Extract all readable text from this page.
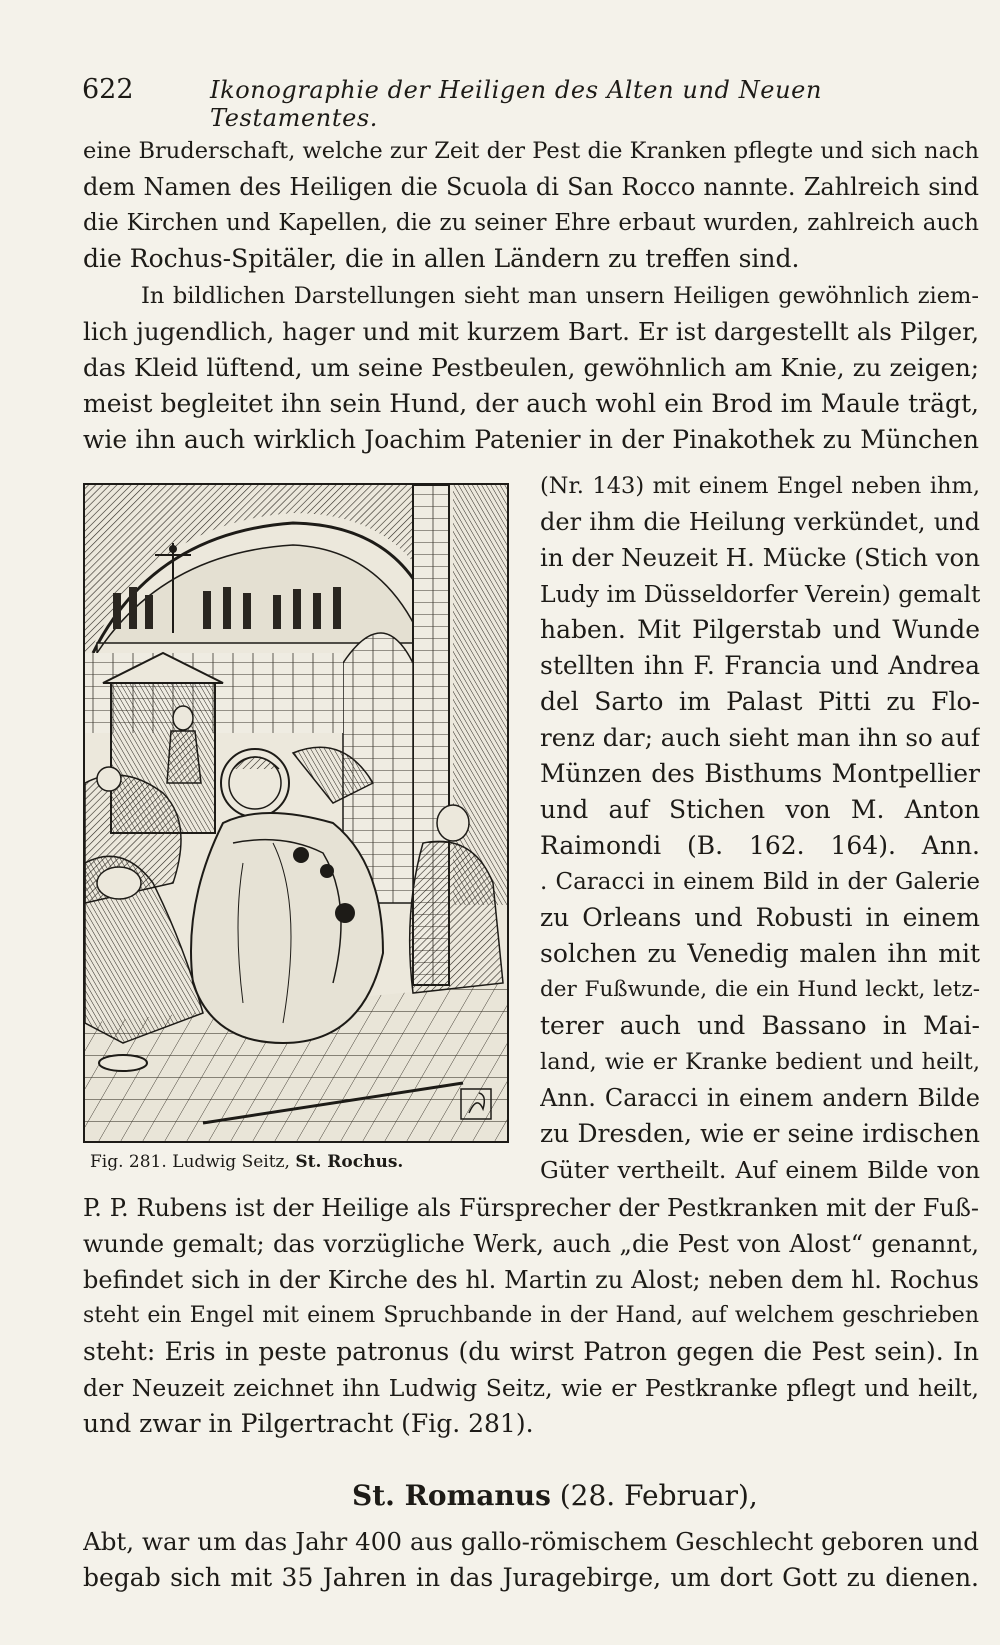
622	Ikonographie der Heiligen des Alten und Neuen Testamentes.
eine Bruderschaft, welche zur Zeit der Pest die Kranken pflegte und sich nach
dem Namen des Heiligen die Scuola di San Rocco nannte. Zahlreich sind
die Kirchen und Kapellen, die zu seiner Ehre erbaut wurden, zahlreich auch
die Rochus-Spitäler, die in allen Ländern zu treffen sind.
In bildlichen Darstellungen sieht man unsern Heiligen gewöhnlich ziem-
lich jugendlich, hager und mit kurzem Bart. Er ist dargestellt als Pilger,
das Kleid lüftend, um seine Pestbeulen, gewöhnlich am Knie, zu zeigen;
meist begleitet ihn sein Hund, der auch wohl ein Brod im Maule trägt,
wie ihn auch wirklich Joachim Patenier in der Pinakothek zu München
(Nr. 143) mit einem Engel neben ihm,
der ihm die Heilung verkündet, und
in der Neuzeit H. Mücke (Stich von
Ludy im Düsseldorfer Verein) gemalt
haben. Mit Pilgerstab und Wunde
stellten ihn F. Francia und Andrea
del Sarto im Palast Pitti zu Flo-
renz dar; auch sieht man ihn so auf
Münzen des Bisthums Montpellier
und auf Stichen von M. Anton
Raimondi (B. 162. 164). Ann.
. Caracci in einem Bild in der Galerie
zu Orleans und Robusti in einem
solchen zu Venedig malen ihn mit
der Fußwunde, die ein Hund leckt, letz-
terer auch und Bassano in Mai-
land, wie er Kranke bedient und heilt,
Ann. Caracci in einem andern Bilde
zu Dresden, wie er seine irdischen
Güter vertheilt. Auf einem Bilde von
P. P. Rubens ist der Heilige als Fürsprecher der Pestkranken mit der Fuß-
wunde gemalt; das vorzügliche Werk, auch „die Pest von Alost“ genannt,
befindet sich in der Kirche des hl. Martin zu Alost; neben dem hl. Rochus
steht ein Engel mit einem Spruchbande in der Hand, auf welchem geschrieben
steht: Eris in peste patronus (du wirst Patron gegen die Pest sein). In
der Neuzeit zeichnet ihn Ludwig Seitz, wie er Pestkranke pflegt und heilt,
und zwar in Pilgertracht (Fig. 281).
Abt, war um das Jahr 400 aus gallo-römischem Geschlecht geboren und
begab sich mit 35 Jahren in das Juragebirge, um dort Gott zu dienen.
Fig. 281. Ludwig Seitz, St. Rochus.
St. Romanus (28. Februar),
